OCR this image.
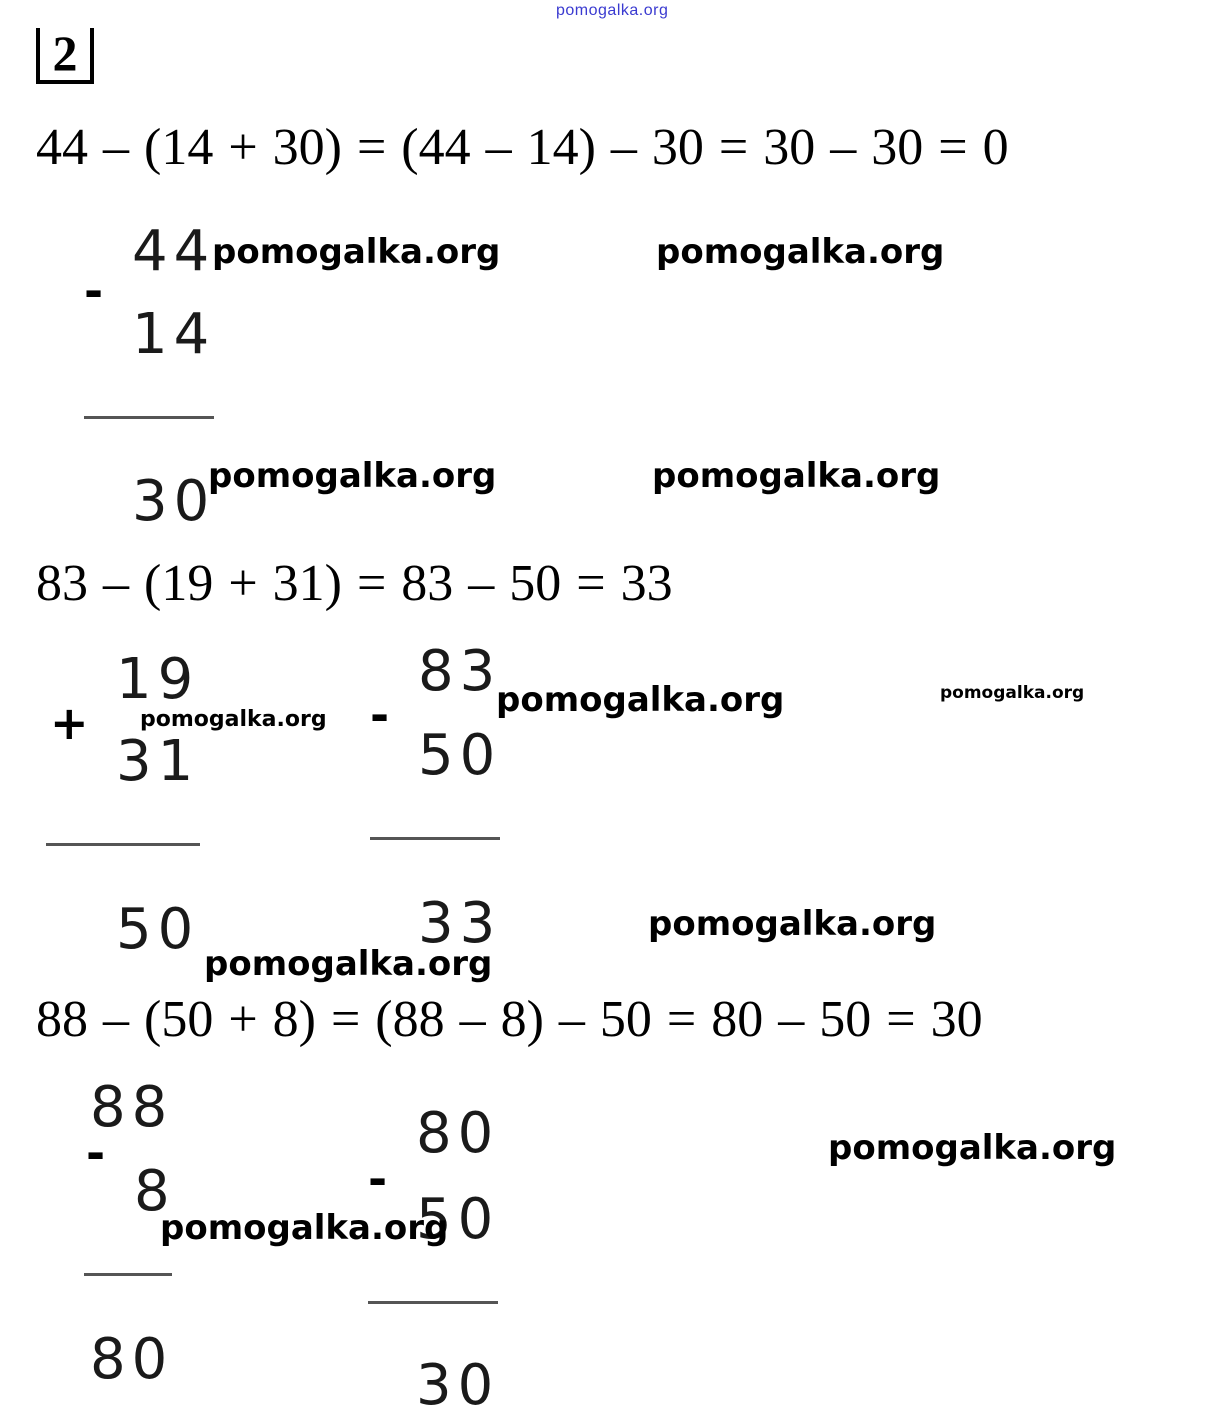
pomogalka.org
2
44 – (14 + 30) = (44 – 14) – 30 = 30 – 30 = 0
-
44
14
30
83 – (19 + 31) = 83 – 50 = 33
+
19
31
50
-
83
50
33
88 – (50 + 8) = (88 – 8) – 50 = 80 – 50 = 30
88
-
8
80
80
-
50
30
pomogalka.org	pomogalka.org
pomogalka.org	pomogalka.org
pomogalka.org	pomogalka.org	pomogalka.org
pomogalka.org
pomogalka.org
pomogalka.org
pomogalka.org
